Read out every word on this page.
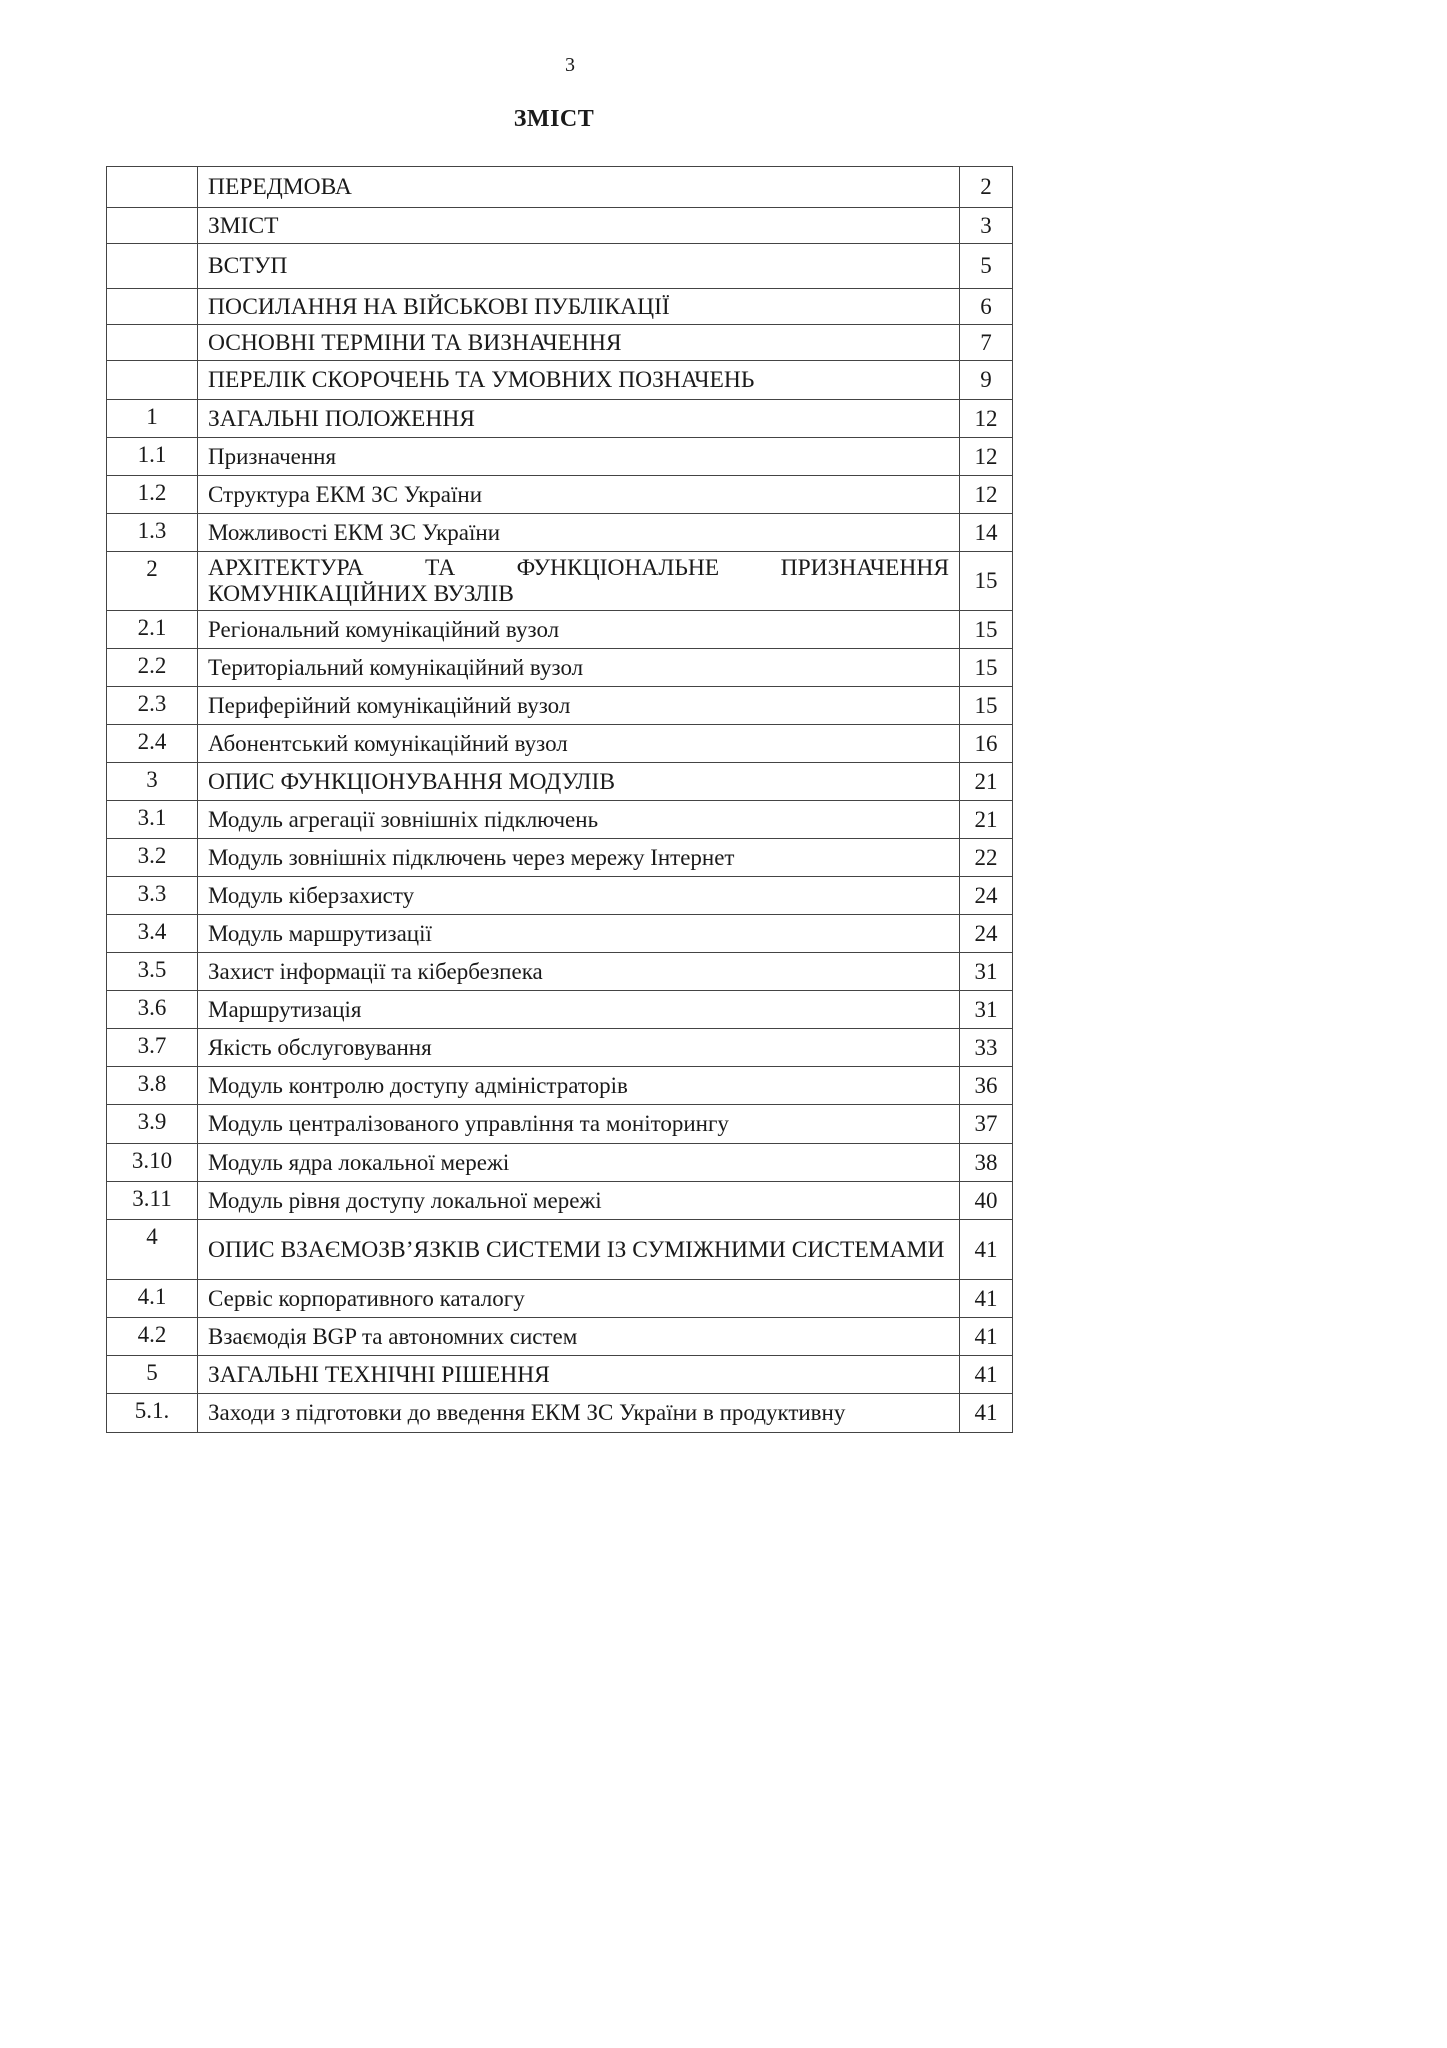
3
ЗМІСТ
	ПЕРЕДМОВА	2
	ЗМІСТ	3
	ВСТУП	5
	ПОСИЛАННЯ НА ВІЙСЬКОВІ ПУБЛІКАЦІЇ	6
	ОСНОВНІ ТЕРМІНИ ТА ВИЗНАЧЕННЯ	7
	ПЕРЕЛІК СКОРОЧЕНЬ ТА УМОВНИХ ПОЗНАЧЕНЬ	9
1	ЗАГАЛЬНІ ПОЛОЖЕННЯ	12
1.1	Призначення	12
1.2	Структура ЕКМ ЗС України	12
1.3	Можливості ЕКМ ЗС України	14
2	АРХІТЕКТУРА ТА ФУНКЦІОНАЛЬНЕ ПРИЗНАЧЕННЯ КОМУНІКАЦІЙНИХ ВУЗЛІВ	15
2.1	Регіональний комунікаційний вузол	15
2.2	Територіальний комунікаційний вузол	15
2.3	Периферійний комунікаційний вузол	15
2.4	Абонентський комунікаційний вузол	16
3	ОПИС ФУНКЦІОНУВАННЯ МОДУЛІВ	21
3.1	Модуль агрегації зовнішніх підключень	21
3.2	Модуль зовнішніх підключень через мережу Інтернет	22
3.3	Модуль кіберзахисту	24
3.4	Модуль маршрутизації	24
3.5	Захист інформації та кібербезпека	31
3.6	Маршрутизація	31
3.7	Якість обслуговування	33
3.8	Модуль контролю доступу адміністраторів	36
3.9	Модуль централізованого управління та моніторингу	37
3.10	Модуль ядра локальної мережі	38
3.11	Модуль рівня доступу локальної мережі	40
4	ОПИС ВЗАЄМОЗВ’ЯЗКІВ СИСТЕМИ ІЗ СУМІЖНИМИ СИСТЕМАМИ	41
4.1	Сервіс корпоративного каталогу	41
4.2	Взаємодія BGP та автономних систем	41
5	ЗАГАЛЬНІ ТЕХНІЧНІ РІШЕННЯ	41
5.1.	Заходи з підготовки до введення ЕКМ ЗС України в продуктивну	41
